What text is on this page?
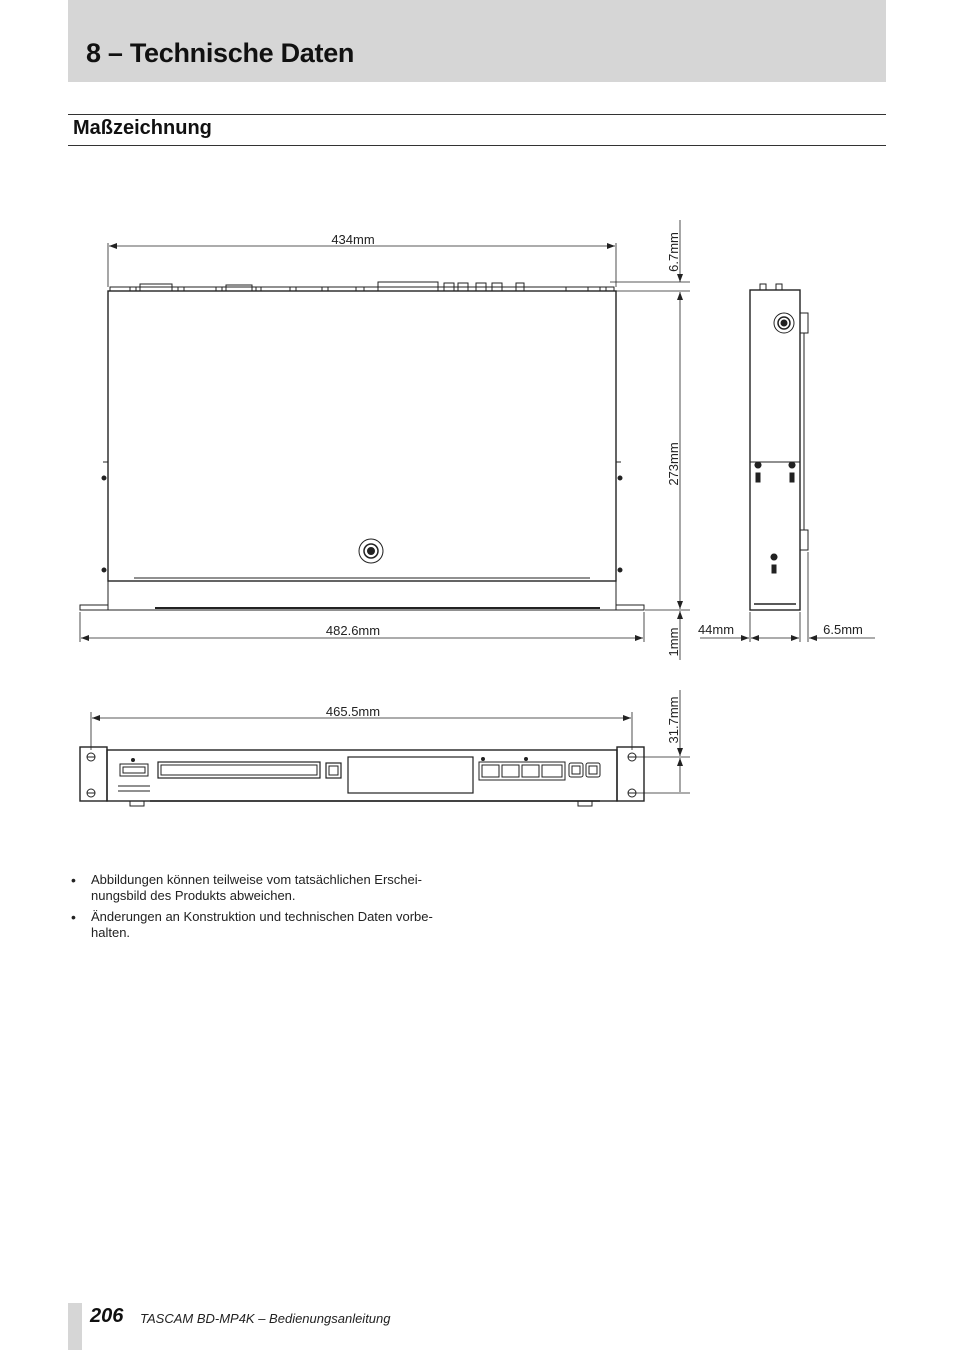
8 – Technische Daten
Maßzeichnung
434mm	6.7mm
273mm
1mm
482.6mm	44mm	6.5mm
465.5mm	31.7mm
• Abbildungen können teilweise vom tatsächlichen Erschei-
nungsbild des Produkts abweichen.
• Änderungen an Konstruktion und technischen Daten vorbe-
halten.
206 TASCAM BD-MP4K – Bedienungsanleitung
